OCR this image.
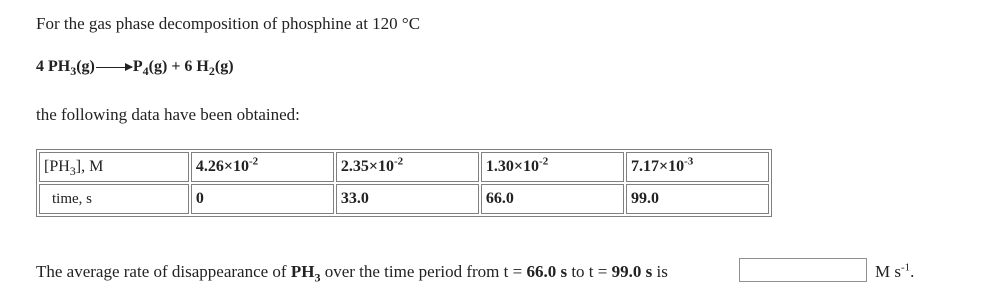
For the gas phase decomposition of phosphine at 120 °C
4 $PH_3(g)\to P_4(g) + 6$ $H_2(g)$
the following data have been obtained:
$[PH_3]$, M	$4.26\times 10^{-2}$	$2.35\times 10^{-2}$	$1.30\times 10^{-2}$	$7.17\times 10^{-3}$
time, s	0	33.0	66.0	99.0
The average rate of disappearance of $PH_3$ over the time period from t = 66.0 s to t = 99.0 s is	M $s^{-1}$.
